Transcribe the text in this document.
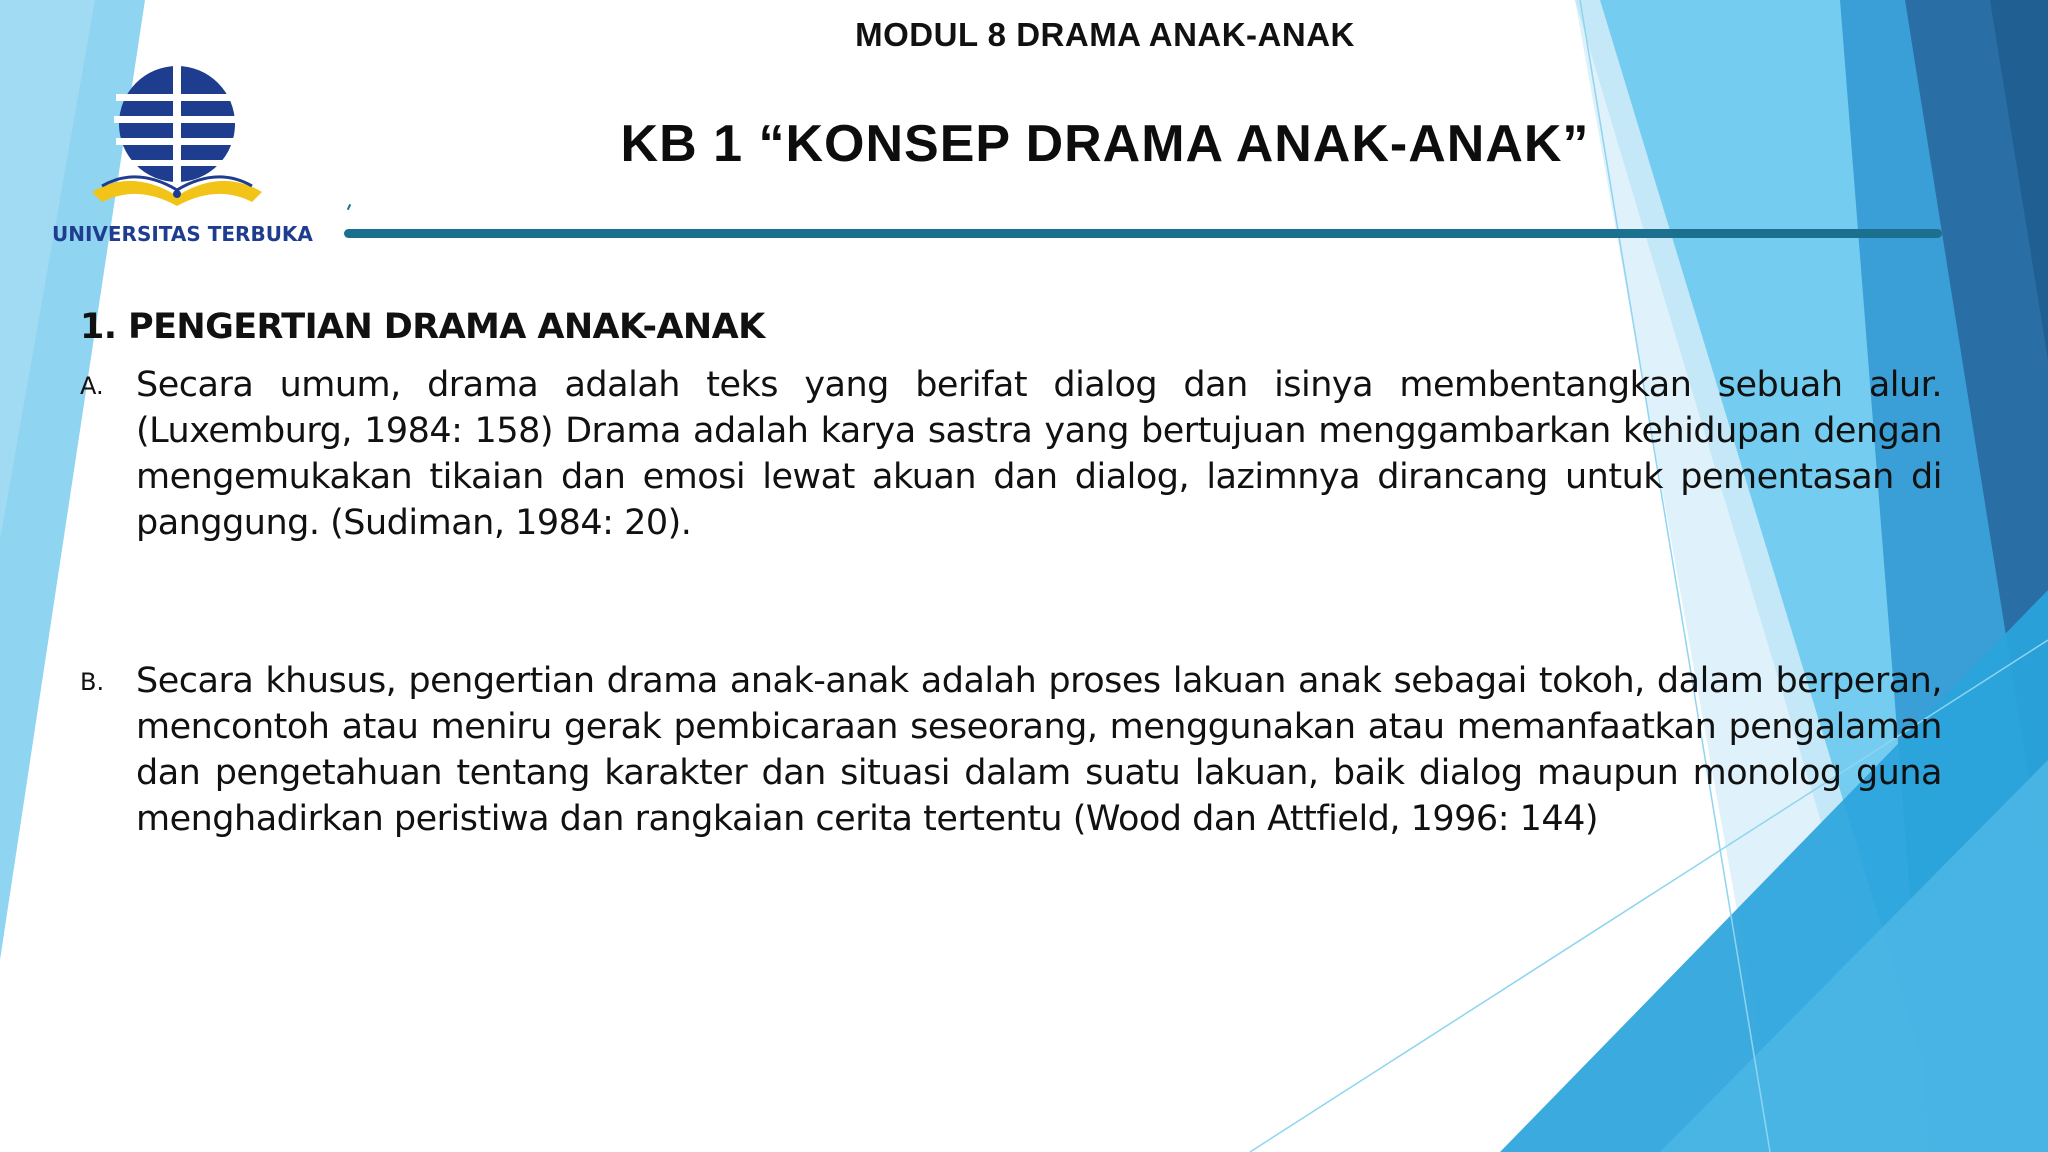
UNIVERSITAS TERBUKA
MODUL 8 DRAMA ANAK-ANAK
KB 1 “KONSEP DRAMA ANAK-ANAK”
1. PENGERTIAN DRAMA ANAK-ANAK
A. Secara umum, drama adalah teks yang berifat dialog dan isinya membentangkan sebuah alur. (Luxemburg, 1984: 158) Drama adalah karya sastra yang bertujuan menggambarkan kehidupan dengan mengemukakan tikaian dan emosi lewat akuan dan dialog, lazimnya dirancang untuk pementasan di panggung. (Sudiman, 1984: 20).

B. Secara khusus, pengertian drama anak-anak adalah proses lakuan anak sebagai tokoh, dalam berperan, mencontoh atau meniru gerak pembicaraan seseorang, menggunakan atau memanfaatkan pengalaman dan pengetahuan tentang karakter dan situasi dalam suatu lakuan, baik dialog maupun monolog guna menghadirkan peristiwa dan rangkaian cerita tertentu (Wood dan Attfield, 1996: 144)
